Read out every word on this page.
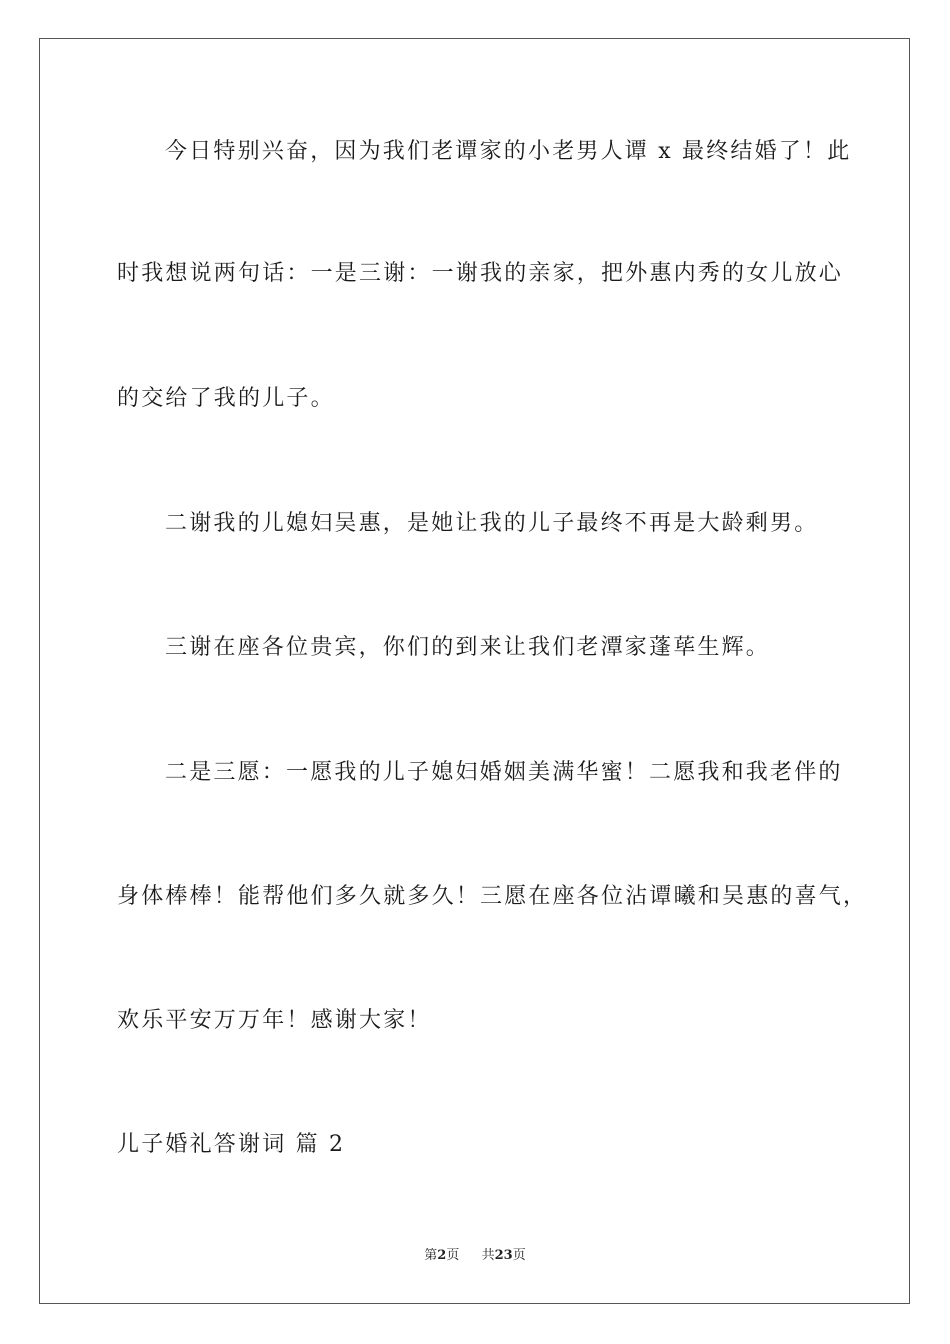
今日特别兴奋，因为我们老谭家的小老男人谭 x 最终结婚了！此
时我想说两句话：一是三谢：一谢我的亲家，把外惠内秀的女儿放心
的交给了我的儿子。
二谢我的儿媳妇吴惠，是她让我的儿子最终不再是大龄剩男。
三谢在座各位贵宾，你们的到来让我们老潭家蓬荜生辉。
二是三愿：一愿我的儿子媳妇婚姻美满华蜜！二愿我和我老伴的
身体棒棒！能帮他们多久就多久！三愿在座各位沾谭曦和吴惠的喜气，
欢乐平安万万年！感谢大家！
儿子婚礼答谢词 篇 2
第2页 共23页
